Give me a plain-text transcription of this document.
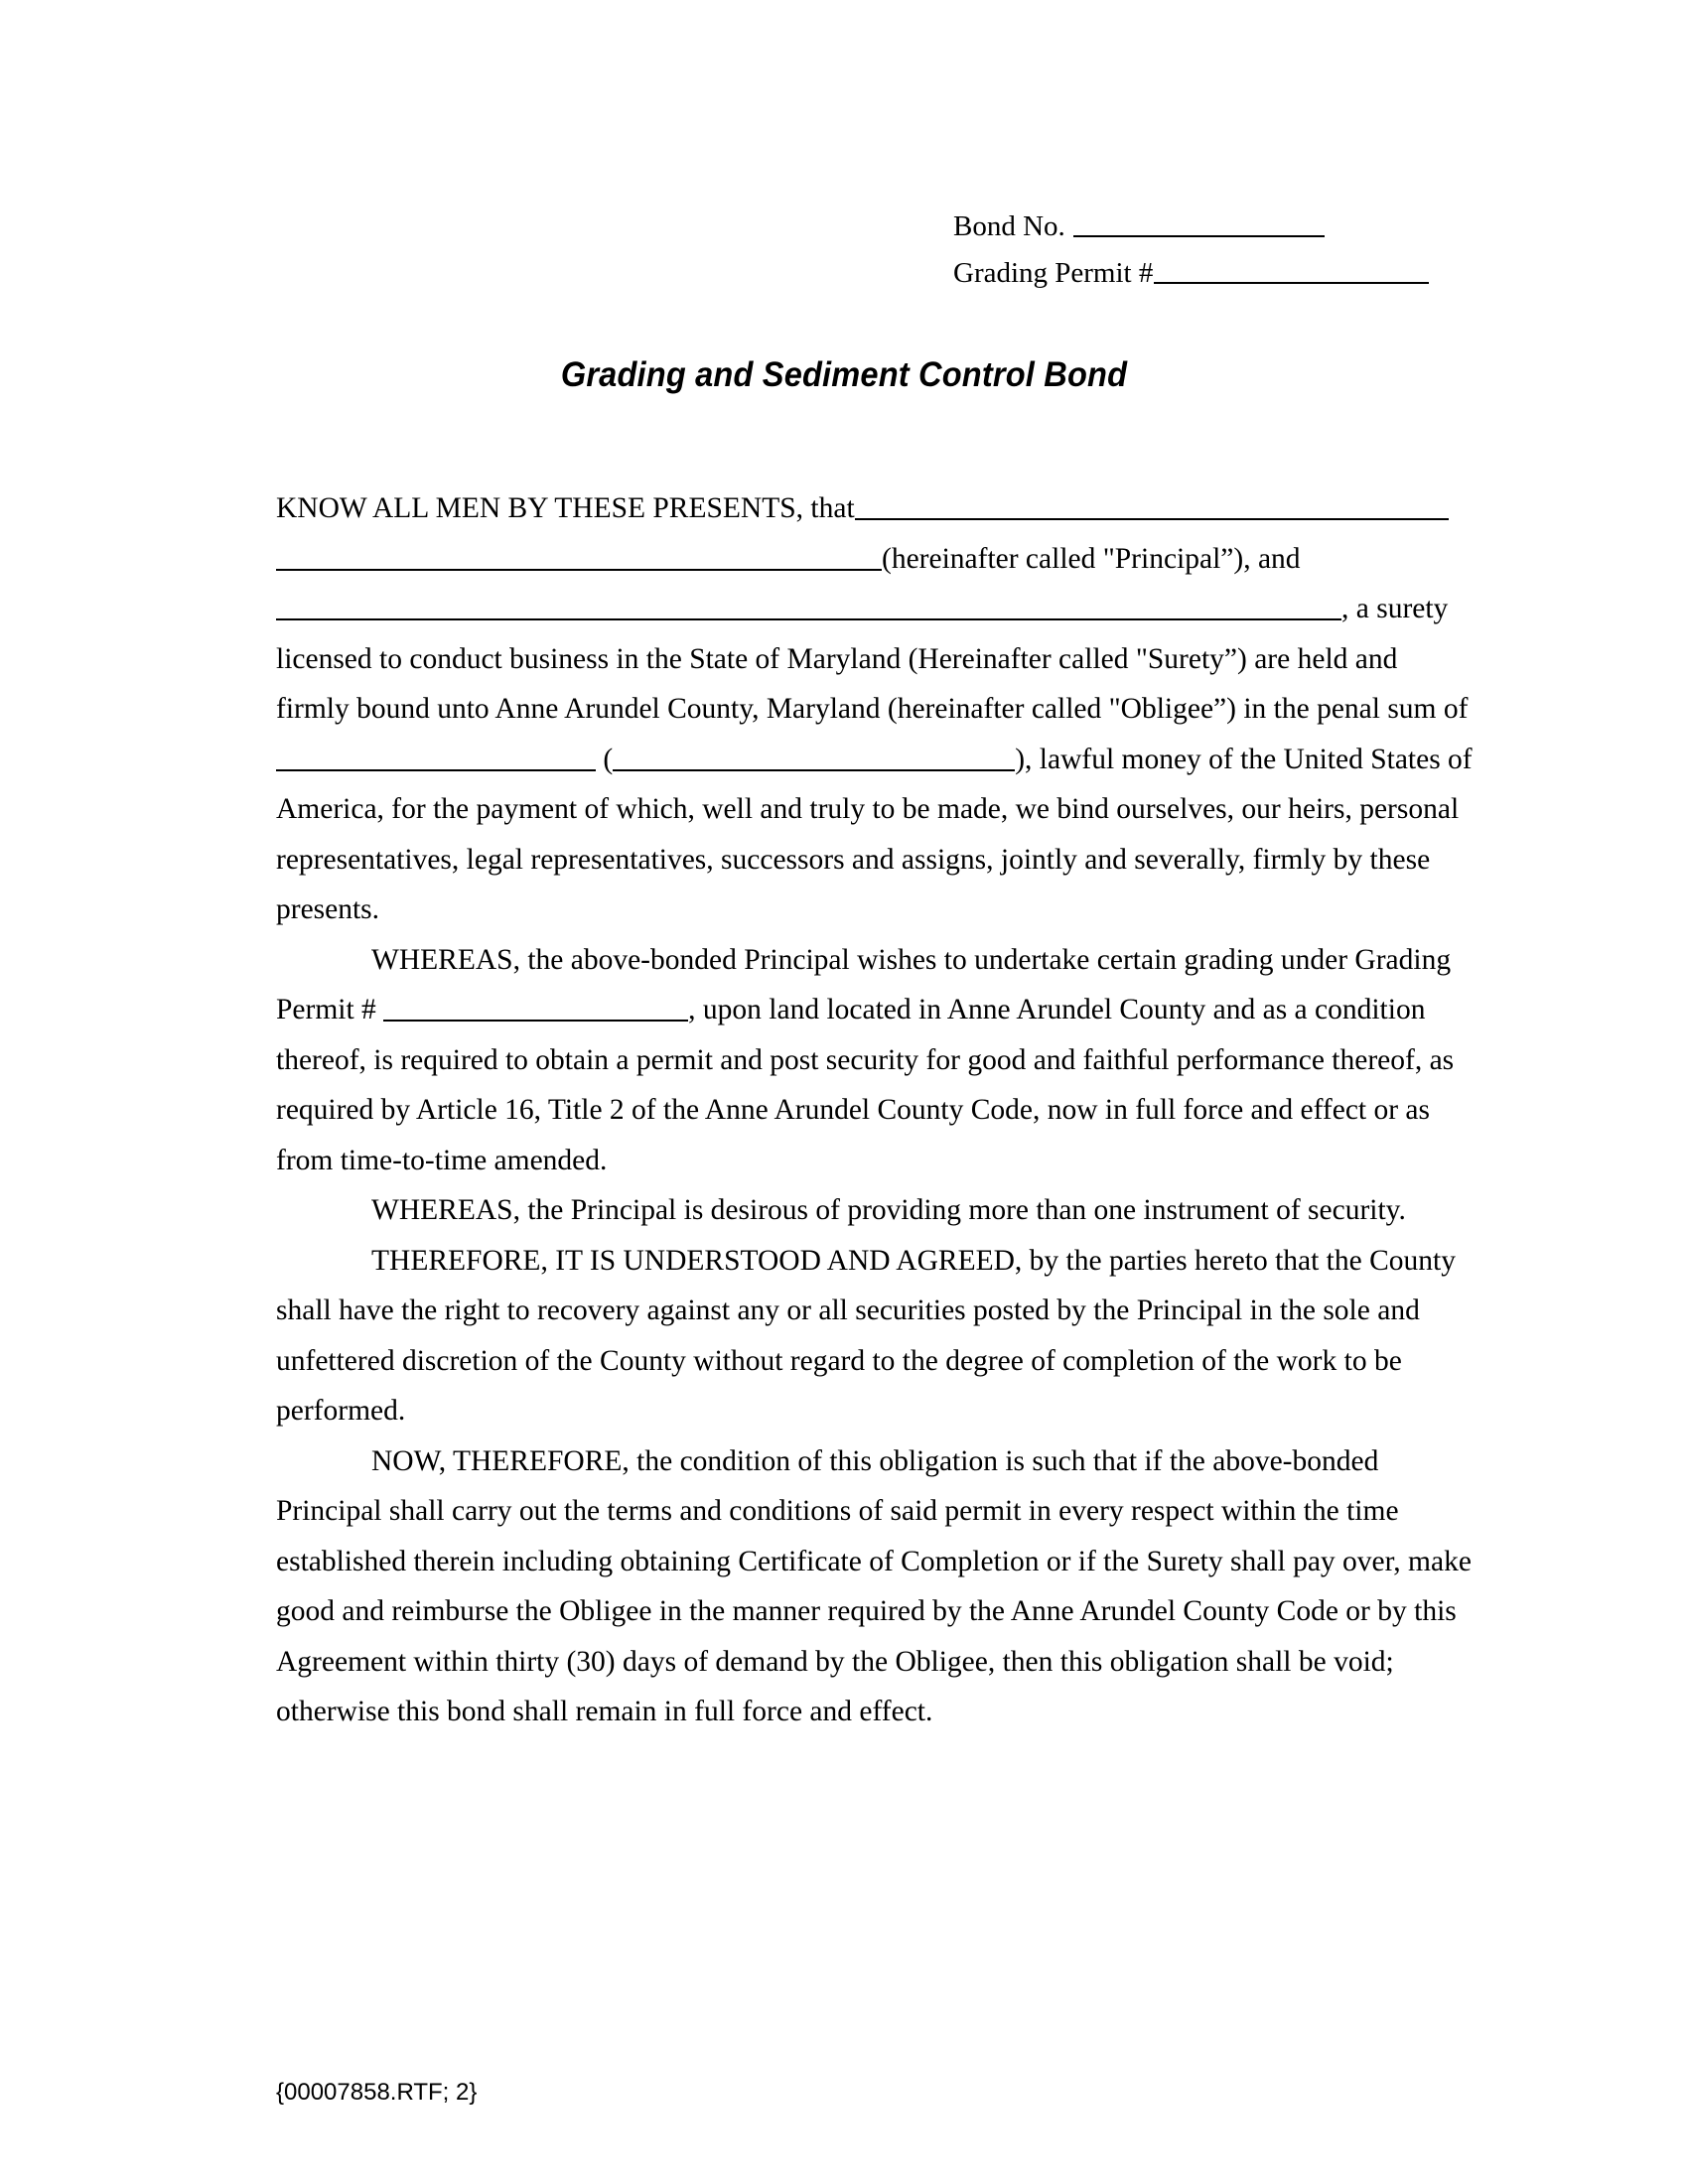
Bond No.
Grading Permit #
Grading and Sediment Control Bond

KNOW ALL MEN BY THESE PRESENTS, that(hereinafter called "Principal”), and, a surety licensed to conduct business in the State of Maryland (Hereinafter called "Surety”) are held and firmly bound unto Anne Arundel County, Maryland (hereinafter called "Obligee”) in the penal sum of (	), lawful money of the United States of America, for the payment of which, well and truly to be made, we bind ourselves, our heirs, personal representatives, legal representatives, successors and assigns, jointly and severally, firmly by these presents.

WHEREAS, the above-bonded Principal wishes to undertake certain grading under Grading Permit #	, upon land located in Anne Arundel County and as a condition thereof, is required to obtain a permit and post security for good and faithful performance thereof, as required by Article 16, Title 2 of the Anne Arundel County Code, now in full force and effect or as from time-to-time amended.

WHEREAS, the Principal is desirous of providing more than one instrument of security.

THEREFORE, IT IS UNDERSTOOD AND AGREED, by the parties hereto that the County shall have the right to recovery against any or all securities posted by the Principal in the sole and unfettered discretion of the County without regard to the degree of completion of the work to be performed.

NOW, THEREFORE, the condition of this obligation is such that if the above-bonded Principal shall carry out the terms and conditions of said permit in every respect within the time established therein including obtaining Certificate of Completion or if the Surety shall pay over, make good and reimburse the Obligee in the manner required by the Anne Arundel County Code or by this Agreement within thirty (30) days of demand by the Obligee, then this obligation shall be void; otherwise this bond shall remain in full force and effect.

{00007858.RTF; 2}
